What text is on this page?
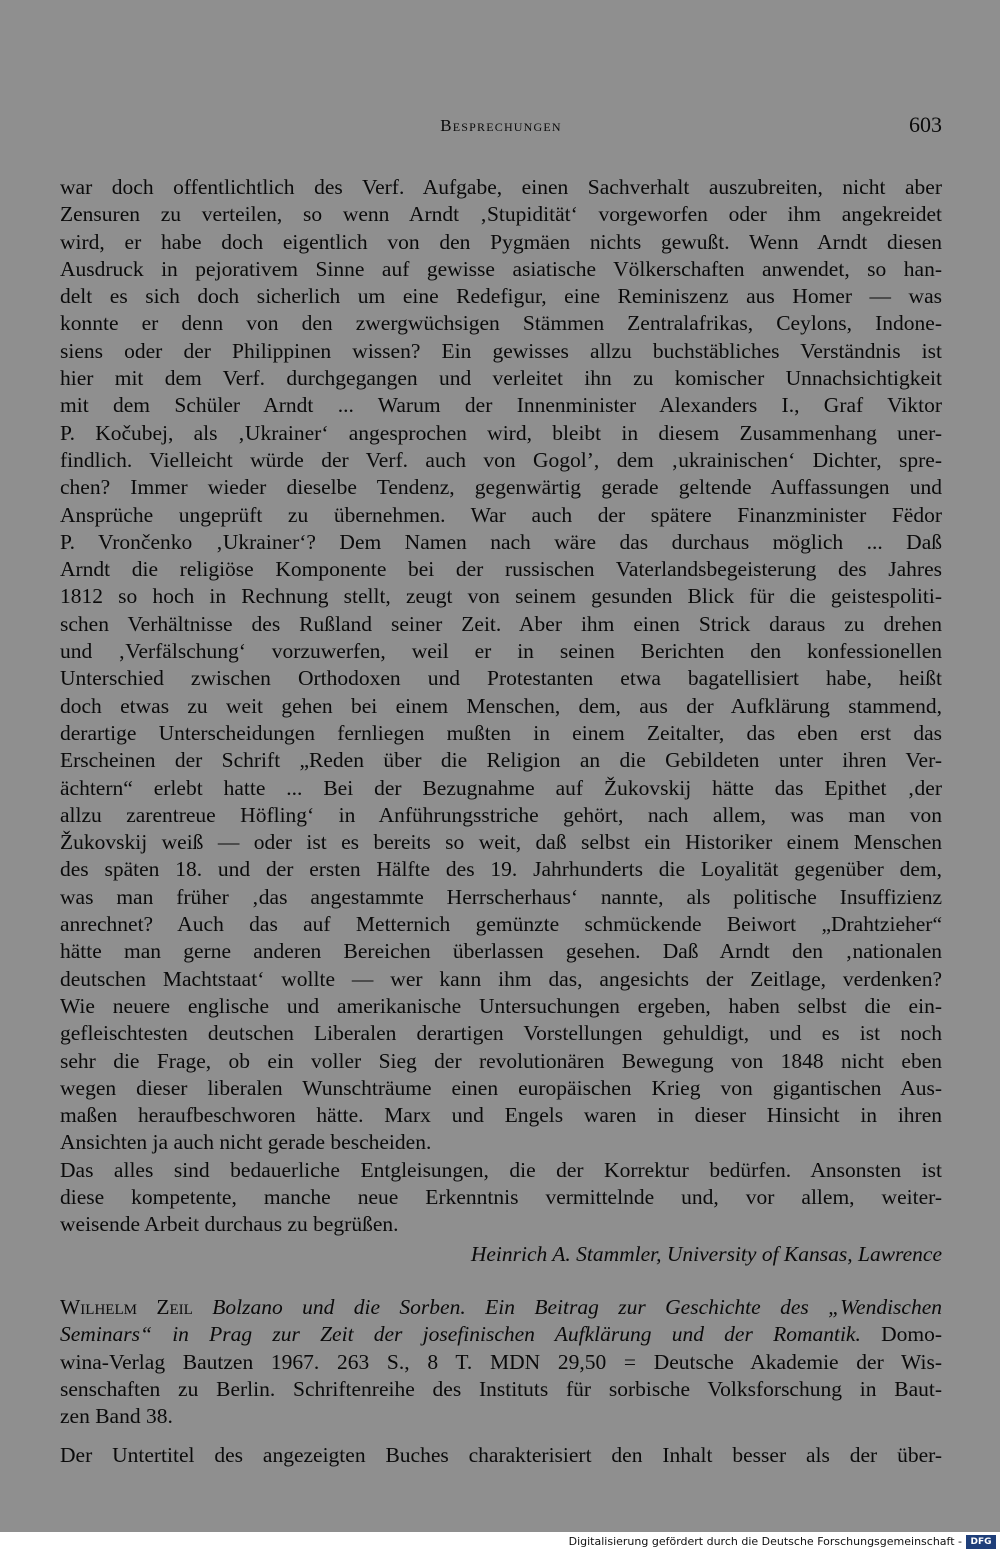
Besprechungen	603
war doch offentlichtlich des Verf. Aufgabe, einen Sachverhalt auszubreiten, nicht aber
Zensuren zu verteilen, so wenn Arndt ‚Stupidität‘ vorgeworfen oder ihm angekreidet
wird, er habe doch eigentlich von den Pygmäen nichts gewußt. Wenn Arndt diesen
Ausdruck in pejorativem Sinne auf gewisse asiatische Völkerschaften anwendet, so han-
delt es sich doch sicherlich um eine Redefigur, eine Reminiszenz aus Homer — was
konnte er denn von den zwergwüchsigen Stämmen Zentralafrikas, Ceylons, Indone-
siens oder der Philippinen wissen? Ein gewisses allzu buchstäbliches Verständnis ist
hier mit dem Verf. durchgegangen und verleitet ihn zu komischer Unnachsichtigkeit
mit dem Schüler Arndt ... Warum der Innenminister Alexanders I., Graf Viktor
P. Kočubej, als ‚Ukrainer‘ angesprochen wird, bleibt in diesem Zusammenhang uner-
findlich. Vielleicht würde der Verf. auch von Gogol’, dem ‚ukrainischen‘ Dichter, spre-
chen? Immer wieder dieselbe Tendenz, gegenwärtig gerade geltende Auffassungen und
Ansprüche ungeprüft zu übernehmen. War auch der spätere Finanzminister Fëdor
P. Vrončenko ‚Ukrainer‘? Dem Namen nach wäre das durchaus möglich ... Daß
Arndt die religiöse Komponente bei der russischen Vaterlandsbegeisterung des Jahres
1812 so hoch in Rechnung stellt, zeugt von seinem gesunden Blick für die geistespoliti-
schen Verhältnisse des Rußland seiner Zeit. Aber ihm einen Strick daraus zu drehen
und ‚Verfälschung‘ vorzuwerfen, weil er in seinen Berichten den konfessionellen
Unterschied zwischen Orthodoxen und Protestanten etwa bagatellisiert habe, heißt
doch etwas zu weit gehen bei einem Menschen, dem, aus der Aufklärung stammend,
derartige Unterscheidungen fernliegen mußten in einem Zeitalter, das eben erst das
Erscheinen der Schrift „Reden über die Religion an die Gebildeten unter ihren Ver-
ächtern“ erlebt hatte ... Bei der Bezugnahme auf Žukovskij hätte das Epithet ‚der
allzu zarentreue Höfling‘ in Anführungsstriche gehört, nach allem, was man von
Žukovskij weiß — oder ist es bereits so weit, daß selbst ein Historiker einem Menschen
des späten 18. und der ersten Hälfte des 19. Jahrhunderts die Loyalität gegenüber dem,
was man früher ‚das angestammte Herrscherhaus‘ nannte, als politische Insuffizienz
anrechnet? Auch das auf Metternich gemünzte schmückende Beiwort „Drahtzieher“
hätte man gerne anderen Bereichen überlassen gesehen. Daß Arndt den ‚nationalen
deutschen Machtstaat‘ wollte — wer kann ihm das, angesichts der Zeitlage, verdenken?
Wie neuere englische und amerikanische Untersuchungen ergeben, haben selbst die ein-
gefleischtesten deutschen Liberalen derartigen Vorstellungen gehuldigt, und es ist noch
sehr die Frage, ob ein voller Sieg der revolutionären Bewegung von 1848 nicht eben
wegen dieser liberalen Wunschträume einen europäischen Krieg von gigantischen Aus-
maßen heraufbeschworen hätte. Marx und Engels waren in dieser Hinsicht in ihren
Ansichten ja auch nicht gerade bescheiden.
Das alles sind bedauerliche Entgleisungen, die der Korrektur bedürfen. Ansonsten ist
diese kompetente, manche neue Erkenntnis vermittelnde und, vor allem, weiter-
weisende Arbeit durchaus zu begrüßen.
Heinrich A. Stammler, University of Kansas, Lawrence
Wilhelm Zeil Bolzano und die Sorben. Ein Beitrag zur Geschichte des „Wendischen
Seminars“ in Prag zur Zeit der josefinischen Aufklärung und der Romantik. Domo-
wina-Verlag Bautzen 1967. 263 S., 8 T. MDN 29,50 = Deutsche Akademie der Wis-
senschaften zu Berlin. Schriftenreihe des Instituts für sorbische Volksforschung in Baut-
zen Band 38.
Der Untertitel des angezeigten Buches charakterisiert den Inhalt besser als der über-
Digitalisierung gefördert durch die Deutsche Forschungsgemeinschaft - DFG
